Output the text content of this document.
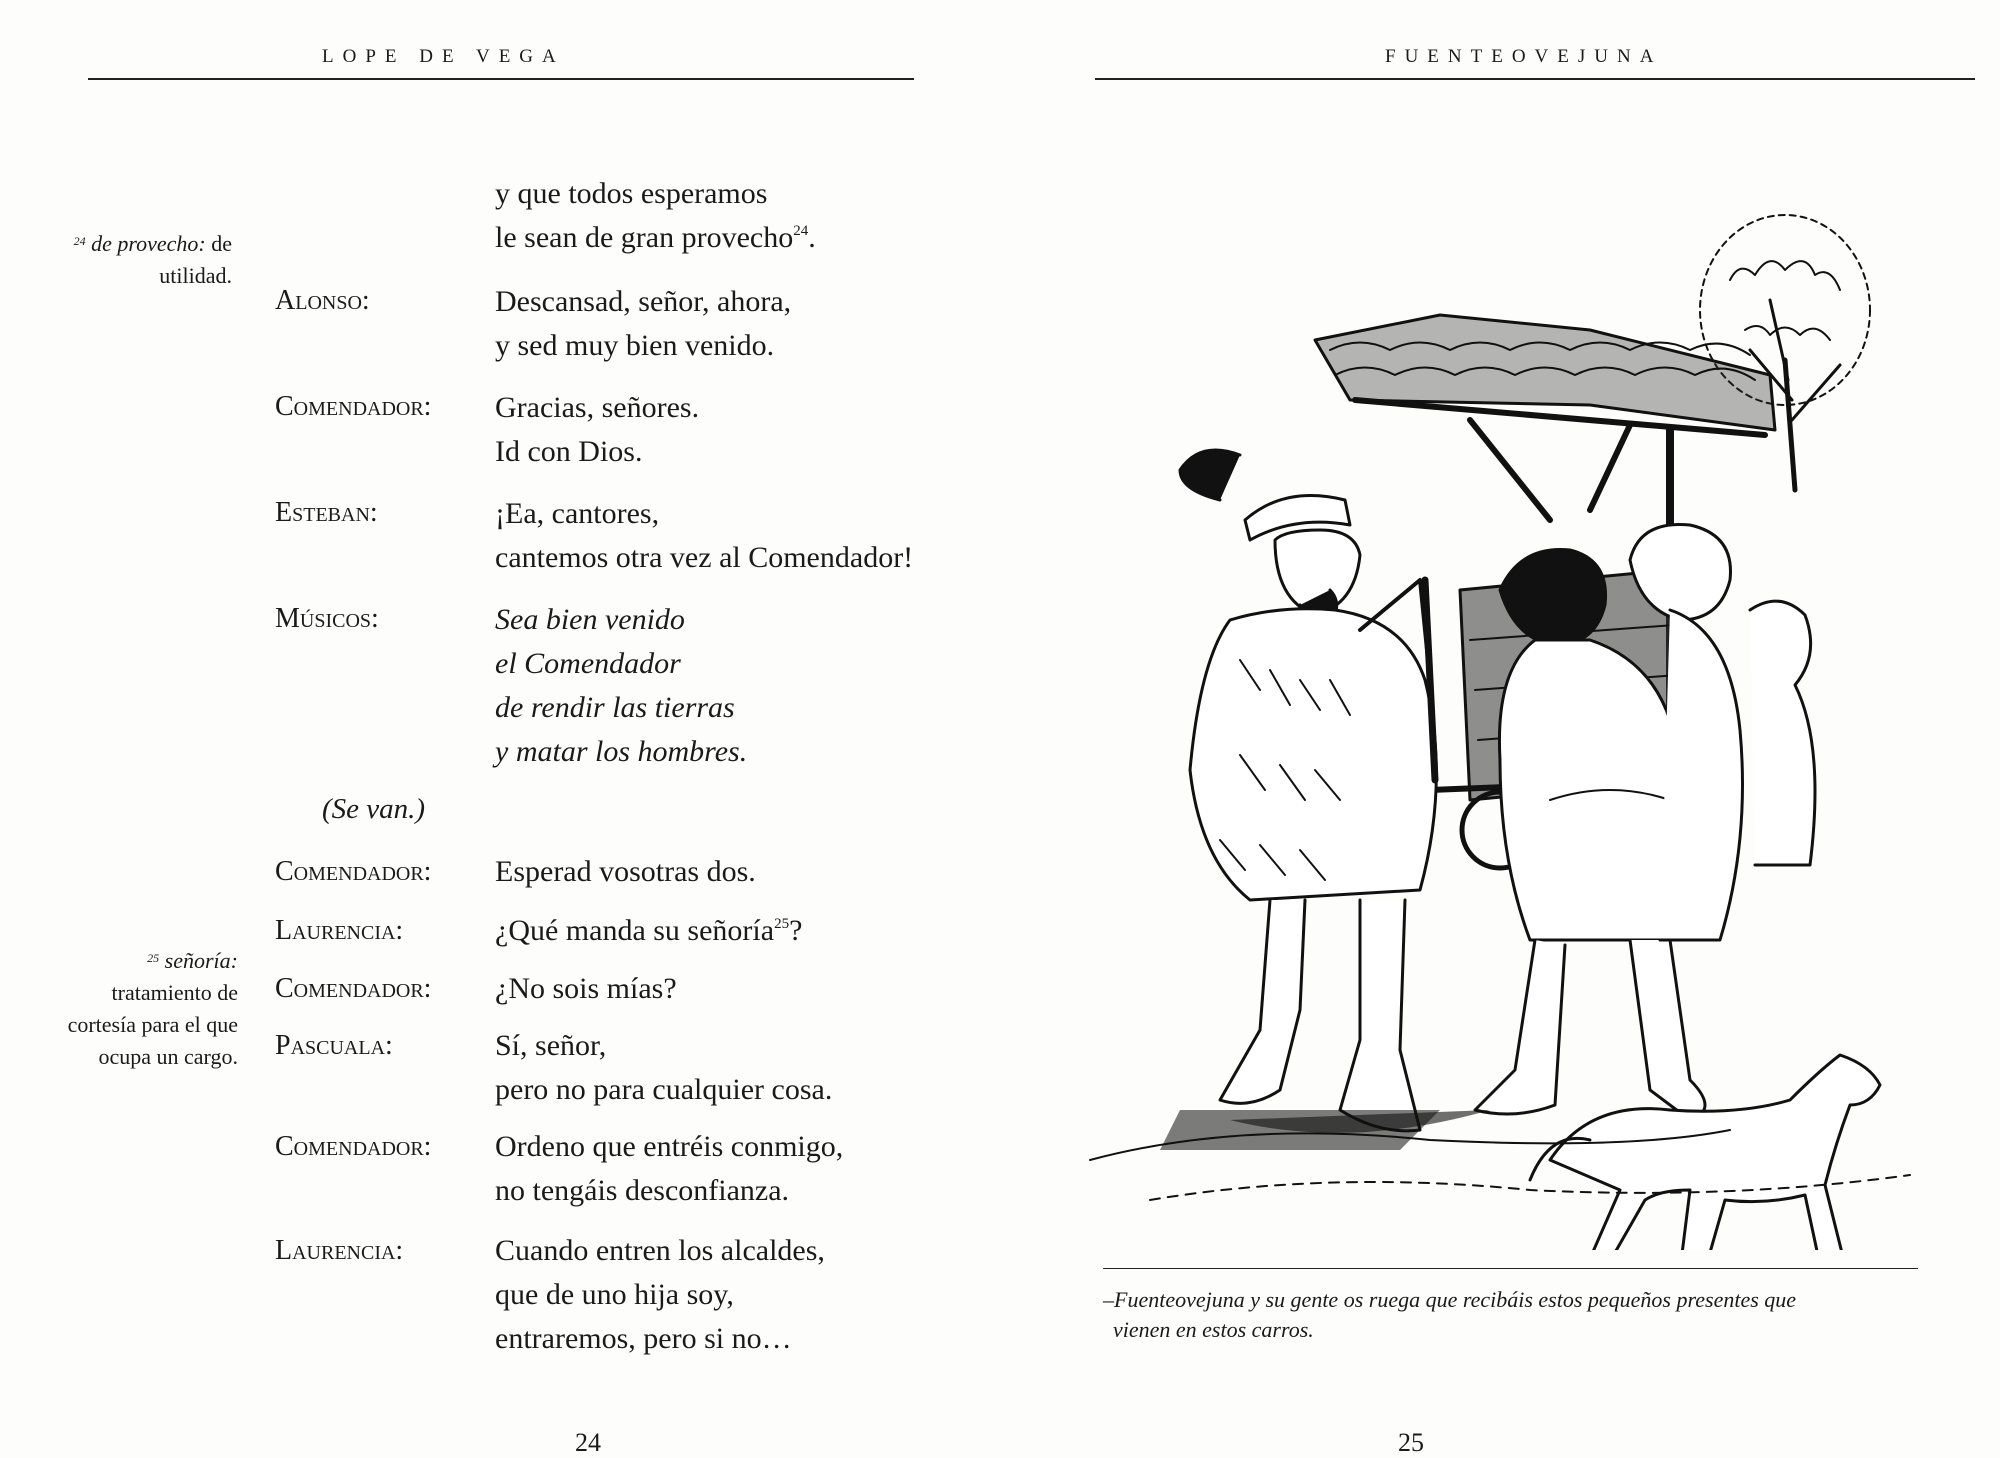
LOPE DE VEGA
$^{24}$ de provecho: de
utilidad.
$^{25}$ señoría:
tratamiento de
cortesía para el que
ocupa un cargo.
y que todos esperamos
le sean de gran provecho$^{24}$.
Alonso:	Descansad, señor, ahora,
y sed muy bien venido.
Comendador: Gracias, señores.
Id con Dios.
Esteban:	¡Ea, cantores,
cantemos otra vez al Comendador!
Músicos:	Sea bien venido
el Comendador
de rendir las tierras
y matar los hombres.
(Se van.)
Comendador: Esperad vosotras dos.
Laurencia:	¿Qué manda su señoría$^{25}$?
Comendador: ¿No sois mías?
Pascuala:	Sí, señor,
pero no para cualquier cosa.
Comendador: Ordeno que entréis conmigo,
no tengáis desconfianza.
Laurencia:	Cuando entren los alcaldes,
que de uno hija soy,
entraremos, pero si no…
24
FUENTEOVEJUNA
–Fuenteovejuna y su gente os ruega que recibáis estos pequeños presentes que
vienen en estos carros.
25
